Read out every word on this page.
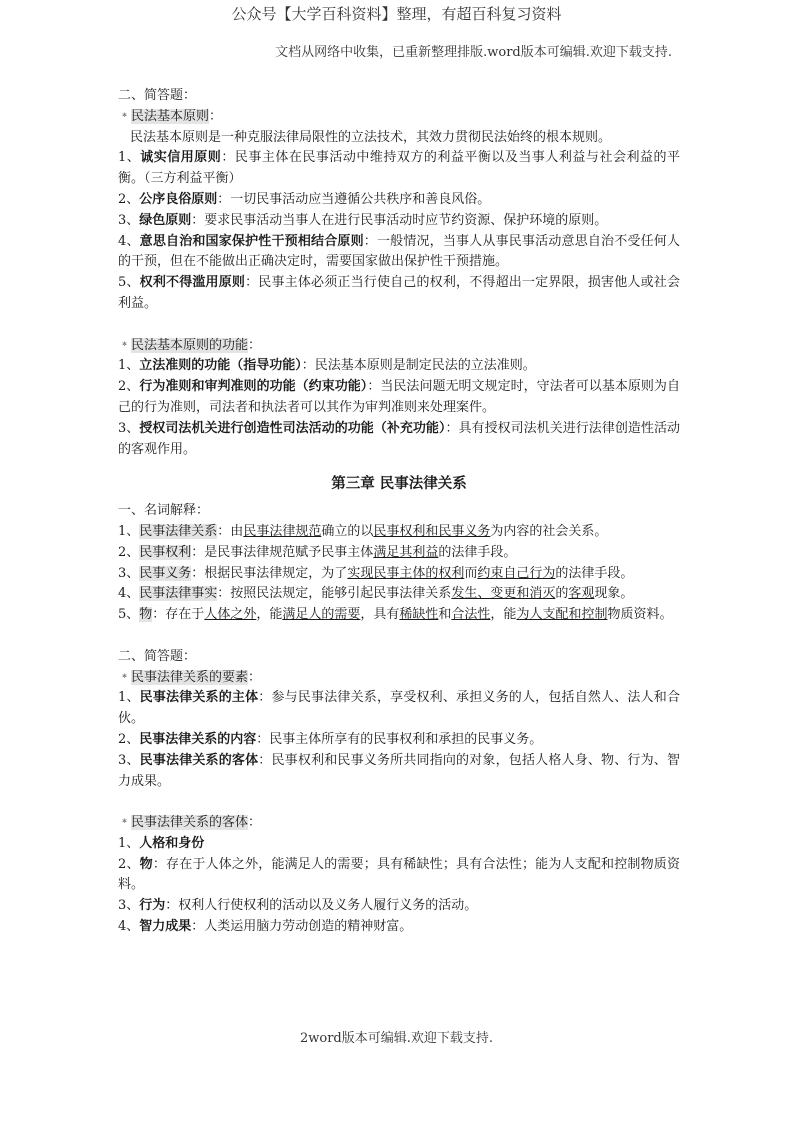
公众号【大学百科资料】整理，有超百科复习资料
文档从网络中收集，已重新整理排版.word版本可编辑.欢迎下载支持.

二、简答题：

﹡民法基本原则：

民法基本原则是一种克服法律局限性的立法技术，其效力贯彻民法始终的根本规则。

1、诚实信用原则：民事主体在民事活动中维持双方的利益平衡以及当事人利益与社会利益的平衡。（三方利益平衡）

2、公序良俗原则：一切民事活动应当遵循公共秩序和善良风俗。

3、绿色原则：要求民事活动当事人在进行民事活动时应节约资源、保护环境的原则。

4、意思自治和国家保护性干预相结合原则：一般情况，当事人从事民事活动意思自治不受任何人的干预，但在不能做出正确决定时，需要国家做出保护性干预措施。

5、权利不得滥用原则：民事主体必须正当行使自己的权利，不得超出一定界限，损害他人或社会利益。

﹡民法基本原则的功能：

1、立法准则的功能（指导功能）：民法基本原则是制定民法的立法准则。

2、行为准则和审判准则的功能（约束功能）：当民法问题无明文规定时，守法者可以基本原则为自己的行为准则，司法者和执法者可以其作为审判准则来处理案件。

3、授权司法机关进行创造性司法活动的功能（补充功能）：具有授权司法机关进行法律创造性活动的客观作用。

第三章 民事法律关系

一、名词解释：

1、民事法律关系：由民事法律规范确立的以民事权利和民事义务为内容的社会关系。

2、民事权利：是民事法律规范赋予民事主体满足其利益的法律手段。

3、民事义务：根据民事法律规定，为了实现民事主体的权利而约束自己行为的法律手段。

4、民事法律事实：按照民法规定，能够引起民事法律关系发生、变更和消灭的客观现象。

5、物：存在于人体之外，能满足人的需要，具有稀缺性和合法性，能为人支配和控制物质资料。

二、简答题：

﹡民事法律关系的要素：

1、民事法律关系的主体：参与民事法律关系，享受权利、承担义务的人，包括自然人、法人和合伙。

2、民事法律关系的内容：民事主体所享有的民事权利和承担的民事义务。

3、民事法律关系的客体：民事权利和民事义务所共同指向的对象，包括人格人身、物、行为、智力成果。

﹡民事法律关系的客体：

1、人格和身份

2、物：存在于人体之外，能满足人的需要；具有稀缺性；具有合法性；能为人支配和控制物质资料。

3、行为：权利人行使权利的活动以及义务人履行义务的活动。

4、智力成果：人类运用脑力劳动创造的精神财富。

2word版本可编辑.欢迎下载支持.
